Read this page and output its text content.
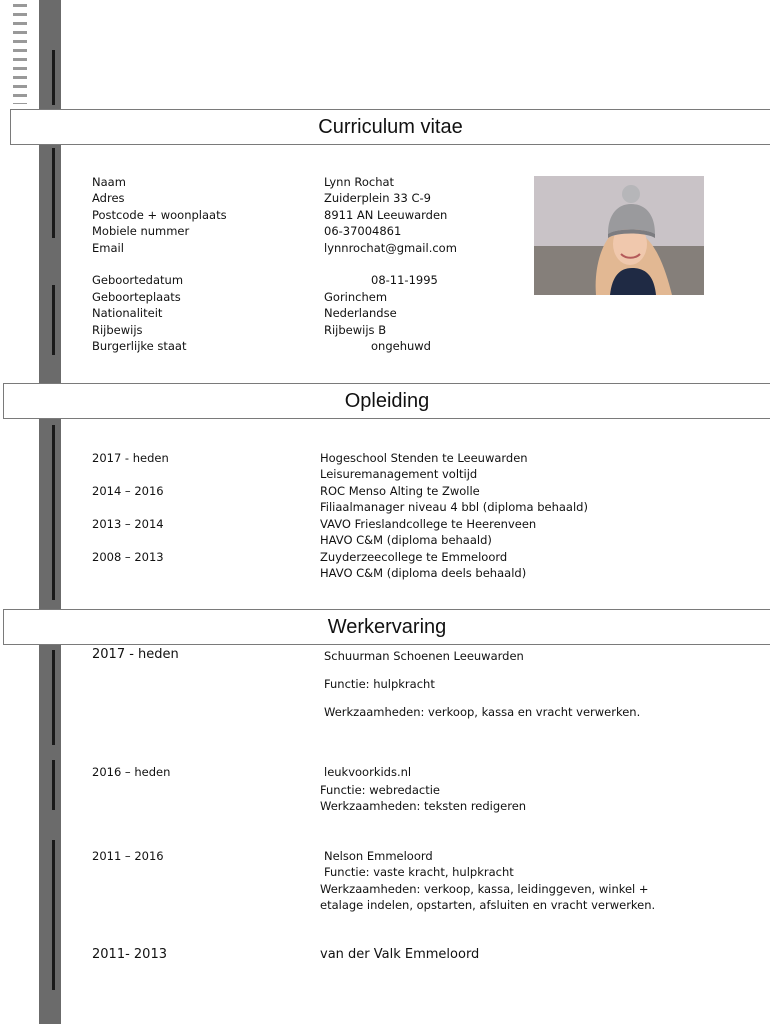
Curriculum vitae
Opleiding
Werkervaring
Naam	Lynn Rochat
Adres	Zuiderplein 33 C-9
Postcode + woonplaats	8911 AN Leeuwarden
Mobiele nummer	06-37004861
Email	lynnrochat@gmail.com
Geboortedatum	08-11-1995
Geboorteplaats	Gorinchem
Nationaliteit	Nederlandse
Rijbewijs	Rijbewijs B
Burgerlijke staat	ongehuwd
2017 - heden	Hogeschool Stenden te Leeuwarden
Leisuremanagement voltijd
2014 – 2016	ROC Menso Alting te Zwolle
Filiaalmanager niveau 4 bbl (diploma behaald)
2013 – 2014	VAVO Frieslandcollege te Heerenveen
HAVO C&M (diploma behaald)
2008 – 2013	Zuyderzeecollege te Emmeloord
HAVO C&M (diploma deels behaald)
2017 - heden	Schuurman Schoenen Leeuwarden
Functie: hulpkracht
Werkzaamheden: verkoop, kassa en vracht verwerken.
2016 – heden	leukvoorkids.nl
Functie: webredactie
Werkzaamheden: teksten redigeren
2011 – 2016	Nelson Emmeloord
Functie: vaste kracht, hulpkracht
Werkzaamheden: verkoop, kassa, leidinggeven, winkel +
etalage indelen, opstarten, afsluiten en vracht verwerken.
2011- 2013	van der Valk Emmeloord
